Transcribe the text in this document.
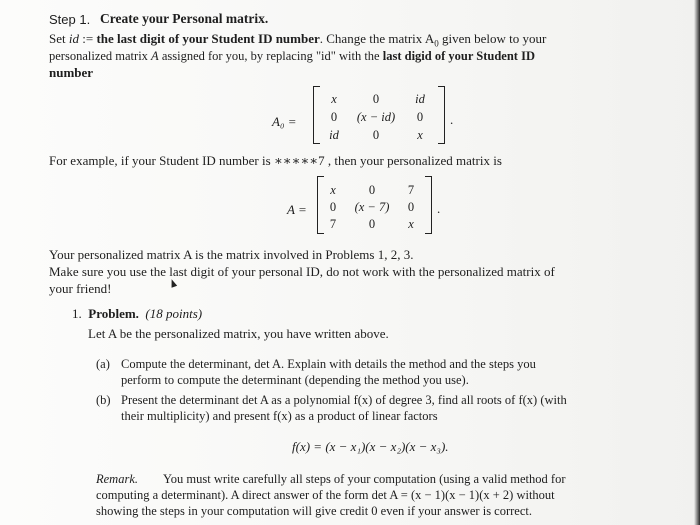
Step 1. Create your Personal matrix.
Set id := the last digit of your Student ID number. Change the matrix $A_0$ given below to your
personalized matrix A assigned for you, by replacing "id" with the last digid of your Student ID
number
A₀ =
x	0	id
0	(x − id)	0
id	0	x
.
For example, if your Student ID number is ∗∗∗∗∗7 , then your personalized matrix is
A =
x	0	7
0	(x − 7)	0
7	0	x
.
Your personalized matrix A is the matrix involved in Problems 1, 2, 3.
Make sure you use the last digit of your personal ID, do not work with the personalized matrix of
your friend!
1. Problem. (18 points)
Let A be the personalized matrix, you have written above.
(a) Compute the determinant, det A. Explain with details the method and the steps you
perform to compute the determinant (depending the method you use).
(b) Present the determinant det A as a polynomial f(x) of degree 3, find all roots of f(x) (with
their multiplicity) and present f(x) as a product of linear factors
f(x) = (x − x₁)(x − x₂)(x − x₃).
Remark. You must write carefully all steps of your computation (using a valid method for
computing a determinant). A direct answer of the form det A = (x − 1)(x − 1)(x + 2) without
showing the steps in your computation will give credit 0 even if your answer is correct.
